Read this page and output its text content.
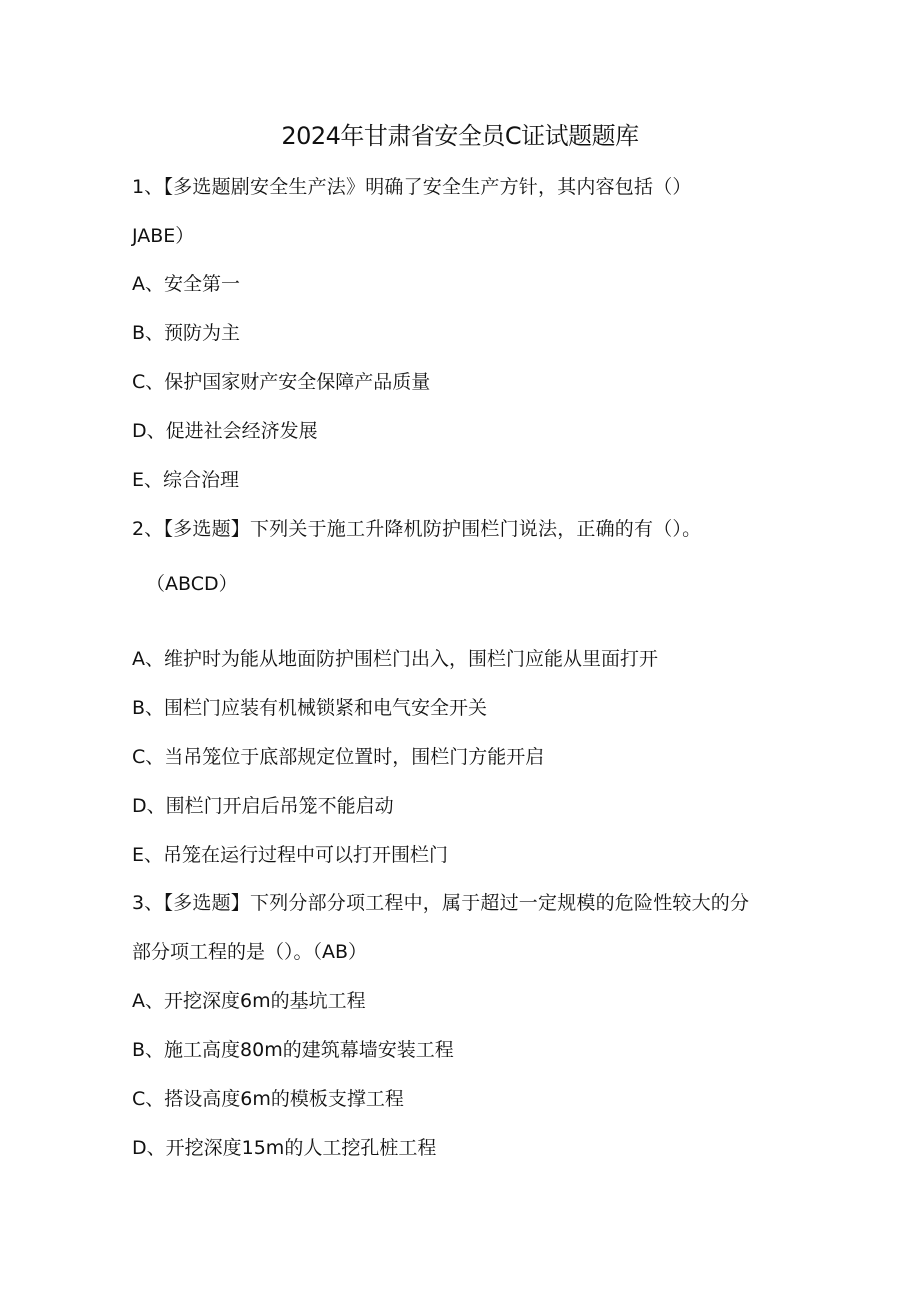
2024年甘肃省安全员C证试题题库
1、【多选题剧安全生产法》明确了安全生产方针，其内容包括（）
JABE）
A、安全第一
B、预防为主
C、保护国家财产安全保障产品质量
D、促进社会经济发展
E、综合治理
2、【多选题】下列关于施工升降机防护围栏门说法，正确的有（）。
（ABCD）
A、维护时为能从地面防护围栏门出入，围栏门应能从里面打开
B、围栏门应装有机械锁紧和电气安全开关
C、当吊笼位于底部规定位置时，围栏门方能开启
D、围栏门开启后吊笼不能启动
E、吊笼在运行过程中可以打开围栏门
3、【多选题】下列分部分项工程中，属于超过一定规模的危险性较大的分
部分项工程的是（）。（AB）
A、开挖深度6m的基坑工程
B、施工高度80m的建筑幕墙安装工程
C、搭设高度6m的模板支撑工程
D、开挖深度15m的人工挖孔桩工程
